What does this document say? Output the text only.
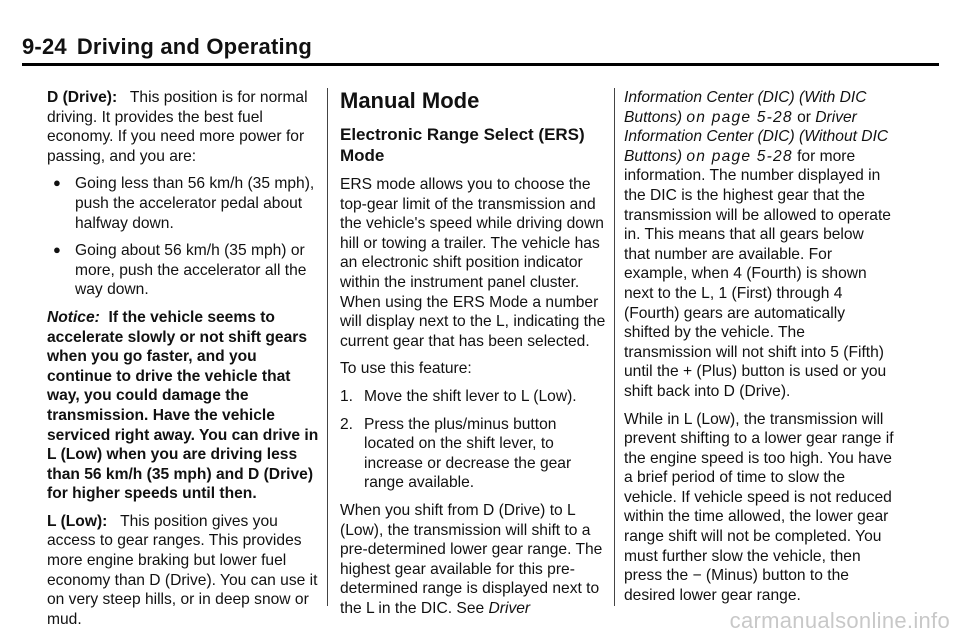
9-24 Driving and Operating

D (Drive): This position is for normal driving. It provides the best fuel economy. If you need more power for passing, and you are:

● Going less than 56 km/h (35 mph), push the accelerator pedal about halfway down.
● Going about 56 km/h (35 mph) or more, push the accelerator all the way down.

Notice: If the vehicle seems to accelerate slowly or not shift gears when you go faster, and you continue to drive the vehicle that way, you could damage the transmission. Have the vehicle serviced right away. You can drive in L (Low) when you are driving less than 56 km/h (35 mph) and D (Drive) for higher speeds until then.

L (Low): This position gives you access to gear ranges. This provides more engine braking but lower fuel economy than D (Drive). You can use it on very steep hills, or in deep snow or mud.

Manual Mode
Electronic Range Select (ERS) Mode

ERS mode allows you to choose the top-gear limit of the transmission and the vehicle's speed while driving down hill or towing a trailer. The vehicle has an electronic shift position indicator within the instrument panel cluster. When using the ERS Mode a number will display next to the L, indicating the current gear that has been selected.

To use this feature:

1. Move the shift lever to L (Low).
2. Press the plus/minus button located on the shift lever, to increase or decrease the gear range available.

When you shift from D (Drive) to L (Low), the transmission will shift to a pre-determined lower gear range. The highest gear available for this pre-determined range is displayed next to the L in the DIC. See Driver

Information Center (DIC) (With DIC Buttons) on page 5-28 or Driver Information Center (DIC) (Without DIC Buttons) on page 5-28 for more information. The number displayed in the DIC is the highest gear that the transmission will be allowed to operate in. This means that all gears below that number are available. For example, when 4 (Fourth) is shown next to the L, 1 (First) through 4 (Fourth) gears are automatically shifted by the vehicle. The transmission will not shift into 5 (Fifth) until the + (Plus) button is used or you shift back into D (Drive).

While in L (Low), the transmission will prevent shifting to a lower gear range if the engine speed is too high. You have a brief period of time to slow the vehicle. If vehicle speed is not reduced within the time allowed, the lower gear range shift will not be completed. You must further slow the vehicle, then press the − (Minus) button to the desired lower gear range.

carmanualsonline.info
